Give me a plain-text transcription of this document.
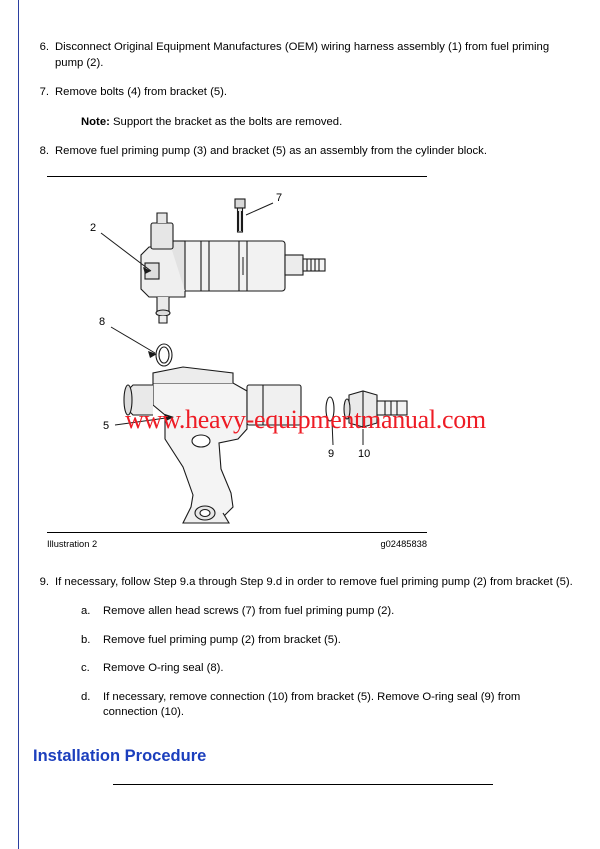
6. Disconnect Original Equipment Manufactures (OEM) wiring harness assembly (1) from fuel priming pump (2).
7. Remove bolts (4) from bracket (5).
Note: Support the bracket as the bolts are removed.
8. Remove fuel priming pump (3) and bracket (5) as an assembly from the cylinder block.
7
2
8
5
9 10
www.heavy-equipmentmanual.com
Illustration 2	g02485838
9. If necessary, follow Step 9.a through Step 9.d in order to remove fuel priming pump (2) from bracket (5).
a.	Remove allen head screws (7) from fuel priming pump (2).
b.	Remove fuel priming pump (2) from bracket (5).
c.	Remove O-ring seal (8).
d.	If necessary, remove connection (10) from bracket (5). Remove O-ring seal (9) from connection (10).
Installation Procedure
